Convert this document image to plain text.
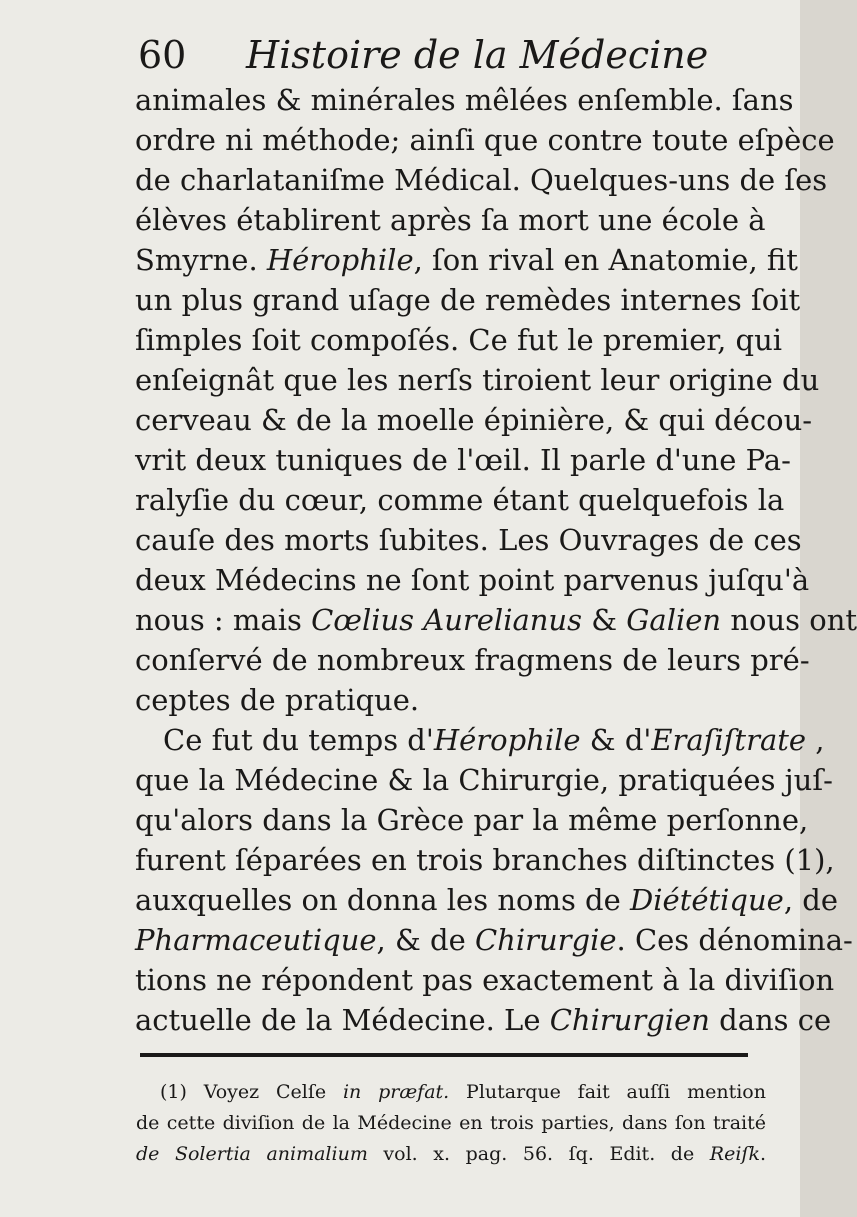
60 Histoire de la Médecine
animales & minérales mêlées enſemble. ſans
ordre ni méthode; ainſi que contre toute eſpèce
de charlataniſme Médical. Quelques-uns de ſes
élèves établirent après ſa mort une école à
Smyrne. Hérophile, ſon rival en Anatomie, fit
un plus grand uſage de remèdes internes ſoit
ſimples ſoit compoſés. Ce fut le premier, qui
enſeignât que les nerſs tiroient leur origine du
cerveau & de la moelle épinière, & qui décou-
vrit deux tuniques de l'œil. Il parle d'une Pa-
ralyſie du cœur, comme étant quelquefois la
cauſe des morts ſubites. Les Ouvrages de ces
deux Médecins ne ſont point parvenus juſqu'à
nous : mais Cœlius Aurelianus & Galien nous ont
conſervé de nombreux fragmens de leurs pré-
ceptes de pratique.
Ce fut du temps d'Hérophile & d'Eraſiſtrate ,
que la Médecine & la Chirurgie, pratiquées juſ-
qu'alors dans la Grèce par la même perſonne,
furent ſéparées en trois branches diſtinctes (1),
auxquelles on donna les noms de Diététique, de
Pharmaceutique, & de Chirurgie. Ces dénomina-
tions ne répondent pas exactement à la diviſion
actuelle de la Médecine. Le Chirurgien dans ce
(1) Voyez Celſe in præfat. Plutarque fait auſſi mention
de cette diviſion de la Médecine en trois parties, dans ſon traité
de Solertia animalium vol. x. pag. 56. ſq. Edit. de Reiſk.
